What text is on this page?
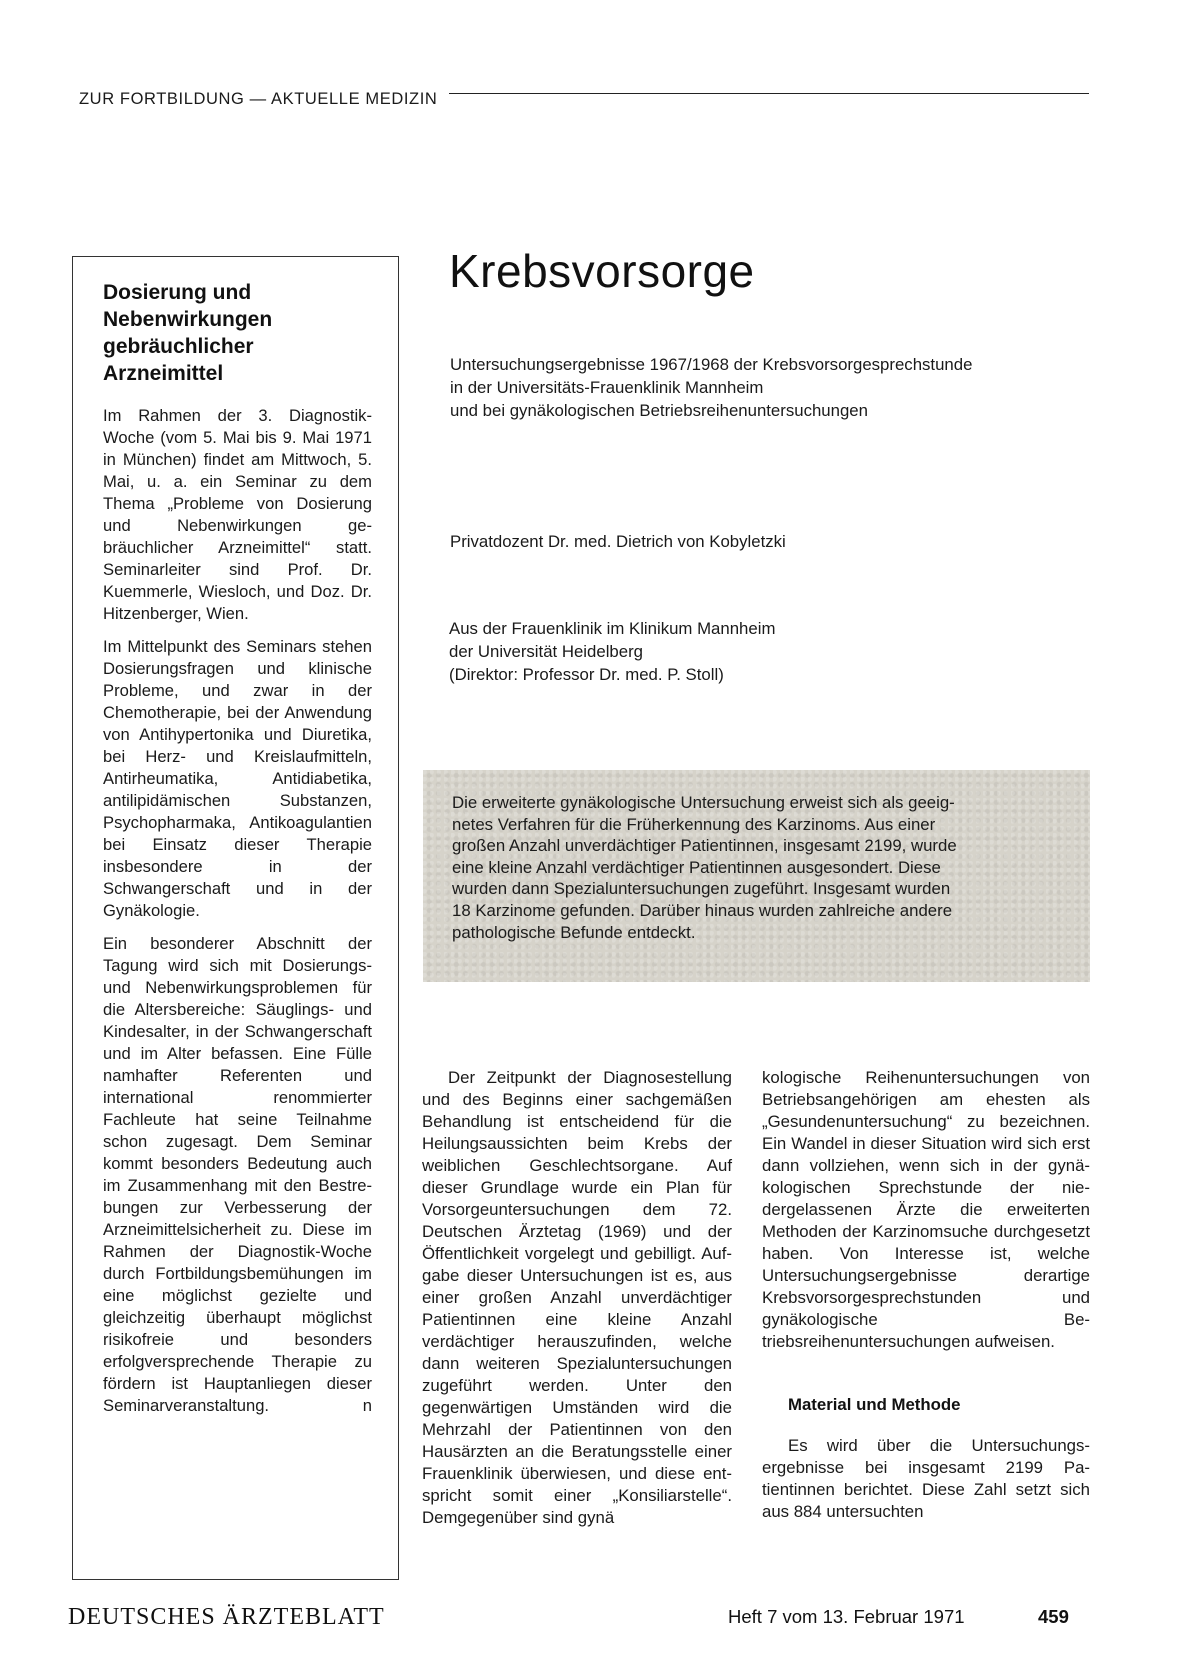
ZUR FORTBILDUNG — AKTUELLE MEDIZIN
Dosierung und
Nebenwirkungen
gebräuchlicher
Arzneimittel

Im Rahmen der 3. Diagnostik-Woche (vom 5. Mai bis 9. Mai 1971 in München) findet am Mittwoch, 5. Mai, u. a. ein Seminar zu dem Thema „Probleme von Dosierung und Nebenwirkungen gebräuchlicher Arzneimittel“ statt. Seminarleiter sind Prof. Dr. Kuemmerle, Wiesloch, und Doz. Dr. Hitzenberger, Wien.

Im Mittelpunkt des Seminars stehen Dosierungsfragen und klinische Probleme, und zwar in der Chemotherapie, bei der Anwendung von Antihypertonika und Diuretika, bei Herz- und Kreislaufmitteln, Antirheumatika, Antidiabetika, antilipidämischen Substanzen, Psychopharmaka, Antikoagulantien bei Einsatz dieser Therapie insbesondere in der Schwangerschaft und in der Gynäkologie.

Ein besonderer Abschnitt der Tagung wird sich mit Dosierungs- und Nebenwirkungsproblemen für die Altersbereiche: Säuglings- und Kindesalter, in der Schwangerschaft und im Alter befassen. Eine Fülle namhafter Referenten und international renommierter Fachleute hat seine Teilnahme schon zugesagt. Dem Seminar kommt besonders Bedeutung auch im Zusammenhang mit den Bestrebungen zur Verbesserung der Arzneimittelsicherheit zu. Diese im Rahmen der Diagnostik-Woche durch Fortbildungsbemühungen im eine möglichst gezielte und gleichzeitig überhaupt möglichst risikofreie und besonders erfolgversprechende Therapie zu fördern ist Hauptanliegen dieser Seminarveranstaltung.	n

Krebsvorsorge
Untersuchungsergebnisse 1967/1968 der Krebsvorsorgesprechstunde
in der Universitäts-Frauenklinik Mannheim
und bei gynäkologischen Betriebsreihenuntersuchungen
Privatdozent Dr. med. Dietrich von Kobyletzki
Aus der Frauenklinik im Klinikum Mannheim
der Universität Heidelberg
(Direktor: Professor Dr. med. P. Stoll)
Die erweiterte gynäkologische Untersuchung erweist sich als geeig-
netes Verfahren für die Früherkennung des Karzinoms. Aus einer
großen Anzahl unverdächtiger Patientinnen, insgesamt 2199, wurde
eine kleine Anzahl verdächtiger Patientinnen ausgesondert. Diese
wurden dann Spezialuntersuchungen zugeführt. Insgesamt wurden
18 Karzinome gefunden. Darüber hinaus wurden zahlreiche andere
pathologische Befunde entdeckt.

Der Zeitpunkt der Diagnosestellung und des Beginns einer sachgemäßen Behandlung ist entscheidend für die Heilungsaussichten beim Krebs der weiblichen Geschlechtsorgane. Auf dieser Grundlage wurde ein Plan für Vorsorgeuntersuchungen dem 72. Deutschen Ärztetag (1969) und der Öffentlichkeit vorgelegt und gebilligt. Aufgabe dieser Untersuchungen ist es, aus einer großen Anzahl unverdächtiger Patientinnen eine kleine Anzahl verdächtiger herauszufinden, welche dann weiteren Spezialuntersuchungen zugeführt werden. Unter den gegenwärtigen Umständen wird die Mehrzahl der Patientinnen von den Hausärzten an die Beratungsstelle einer Frauenklinik überwiesen, und diese entspricht somit einer „Konsiliarstelle“. Demgegenüber sind gynä

kologische Reihenuntersuchungen von Betriebsangehörigen am ehesten als „Gesundenuntersuchung“ zu bezeichnen. Ein Wandel in dieser Situation wird sich erst dann vollziehen, wenn sich in der gynäkologischen Sprechstunde der niedergelassenen Ärzte die erweiterten Methoden der Karzinomsuche durchgesetzt haben. Von Interesse ist, welche Untersuchungsergebnisse derartige Krebsvorsorgesprechstunden und gynäkologische Betriebsreihenuntersuchungen aufweisen.

Material und Methode

Es wird über die Untersuchungsergebnisse bei insgesamt 2199 Patientinnen berichtet. Diese Zahl setzt sich aus 884 untersuchten

DEUTSCHES ÄRZTEBLATT	Heft 7 vom 13. Februar 1971	459
